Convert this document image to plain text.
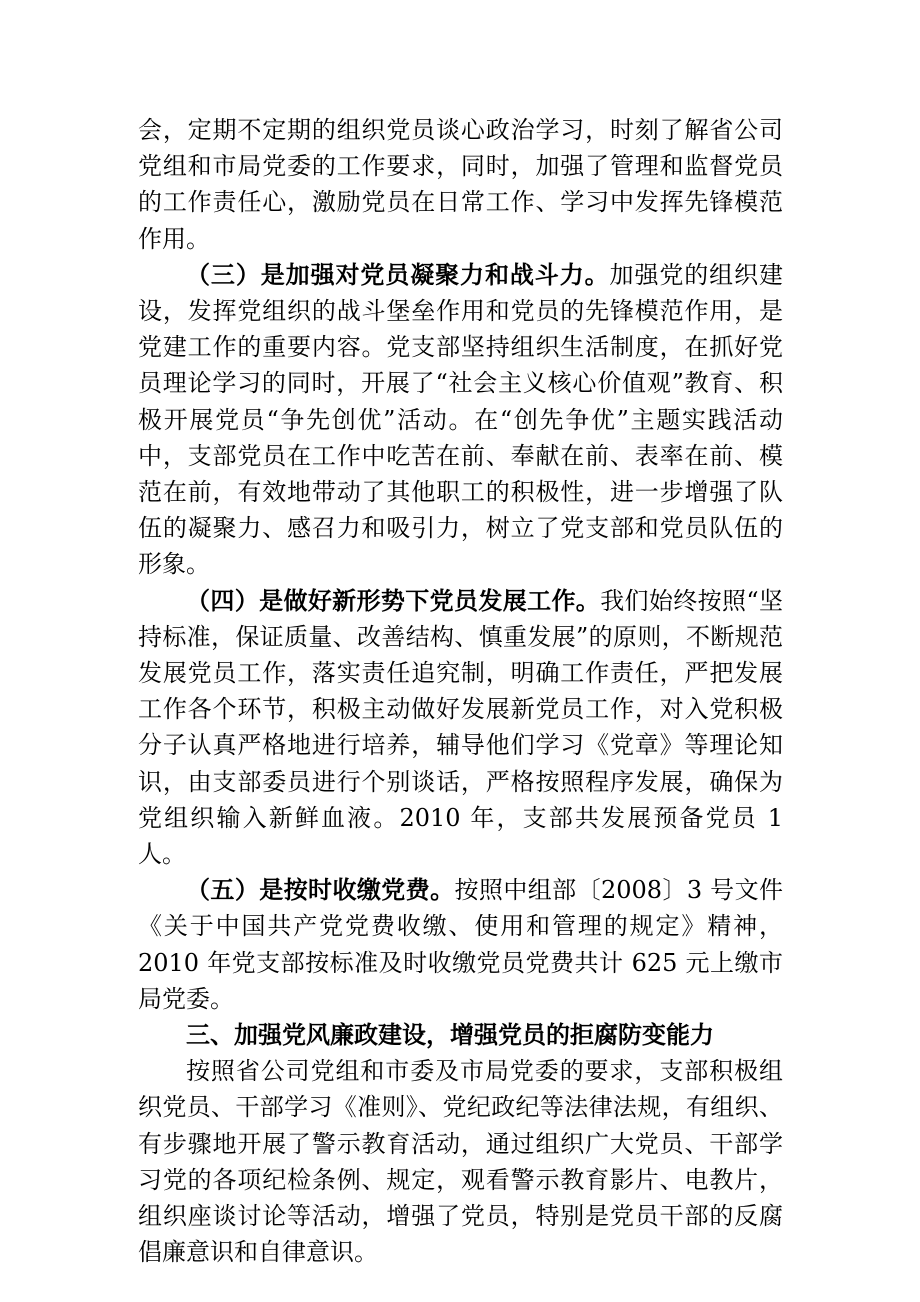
会，定期不定期的组织党员谈心政治学习，时刻了解省公司党组和市局党委的工作要求，同时，加强了管理和监督党员的工作责任心，激励党员在日常工作、学习中发挥先锋模范作用。

（三）是加强对党员凝聚力和战斗力。加强党的组织建设，发挥党组织的战斗堡垒作用和党员的先锋模范作用，是党建工作的重要内容。党支部坚持组织生活制度，在抓好党员理论学习的同时，开展了“社会主义核心价值观”教育、积极开展党员“争先创优”活动。在“创先争优”主题实践活动中，支部党员在工作中吃苦在前、奉献在前、表率在前、模范在前，有效地带动了其他职工的积极性，进一步增强了队伍的凝聚力、感召力和吸引力，树立了党支部和党员队伍的形象。

（四）是做好新形势下党员发展工作。我们始终按照“坚持标准，保证质量、改善结构、慎重发展”的原则，不断规范发展党员工作，落实责任追究制，明确工作责任，严把发展工作各个环节，积极主动做好发展新党员工作，对入党积极分子认真严格地进行培养，辅导他们学习《党章》等理论知识，由支部委员进行个别谈话，严格按照程序发展，确保为党组织输入新鲜血液。2010 年，支部共发展预备党员 1 人。

（五）是按时收缴党费。按照中组部〔2008〕3 号文件《关于中国共产党党费收缴、使用和管理的规定》精神，2010 年党支部按标准及时收缴党员党费共计 625 元上缴市局党委。

三、加强党风廉政建设，增强党员的拒腐防变能力

按照省公司党组和市委及市局党委的要求，支部积极组织党员、干部学习《准则》、党纪政纪等法律法规，有组织、有步骤地开展了警示教育活动，通过组织广大党员、干部学习党的各项纪检条例、规定，观看警示教育影片、电教片，组织座谈讨论等活动，增强了党员，特别是党员干部的反腐倡廉意识和自律意识。
